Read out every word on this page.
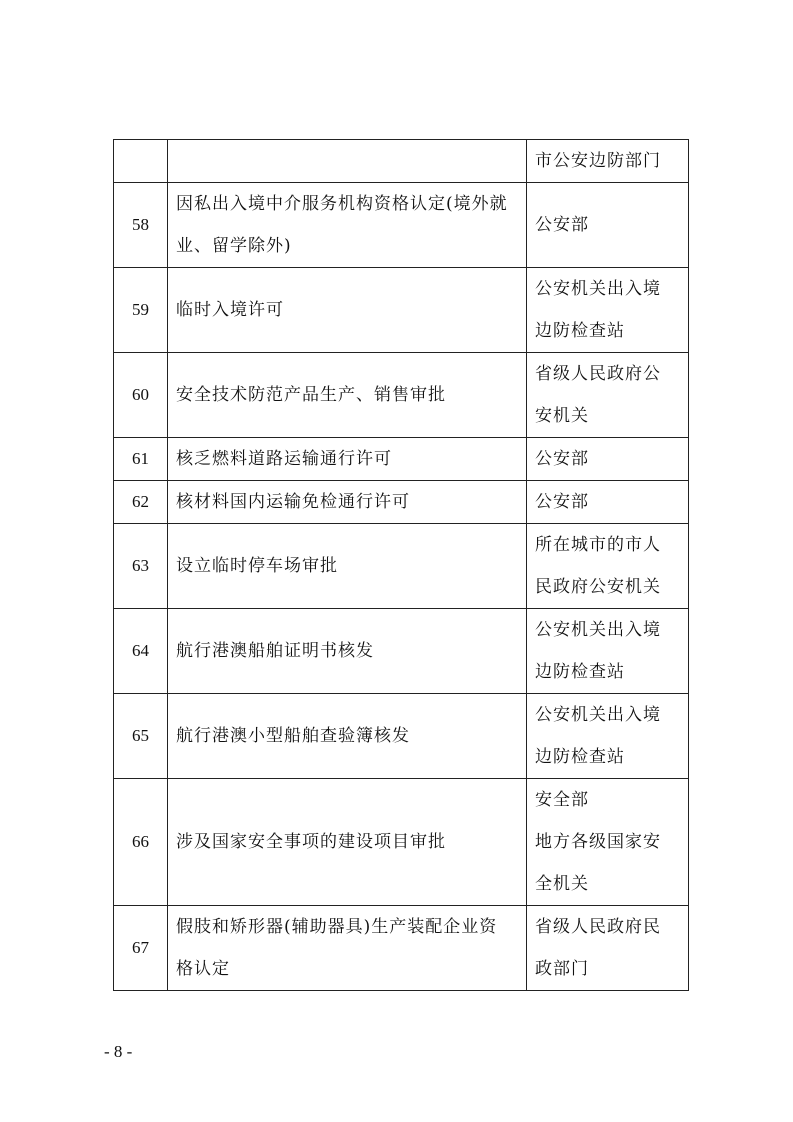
		市公安边防部门

58	因私出入境中介服务机构资格认定(境外就
业、留学除外)	公安部

59	临时入境许可	公安机关出入境
边防检查站

60	安全技术防范产品生产、销售审批	省级人民政府公
安机关

61	核乏燃料道路运输通行许可	公安部

62	核材料国内运输免检通行许可	公安部

63	设立临时停车场审批	所在城市的市人
民政府公安机关

64	航行港澳船舶证明书核发	公安机关出入境
边防检查站

65	航行港澳小型船舶查验簿核发	公安机关出入境
边防检查站

66	涉及国家安全事项的建设项目审批	安全部
地方各级国家安
全机关

67	假肢和矫形器(辅助器具)生产装配企业资
格认定	省级人民政府民
政部门
- 8 -
